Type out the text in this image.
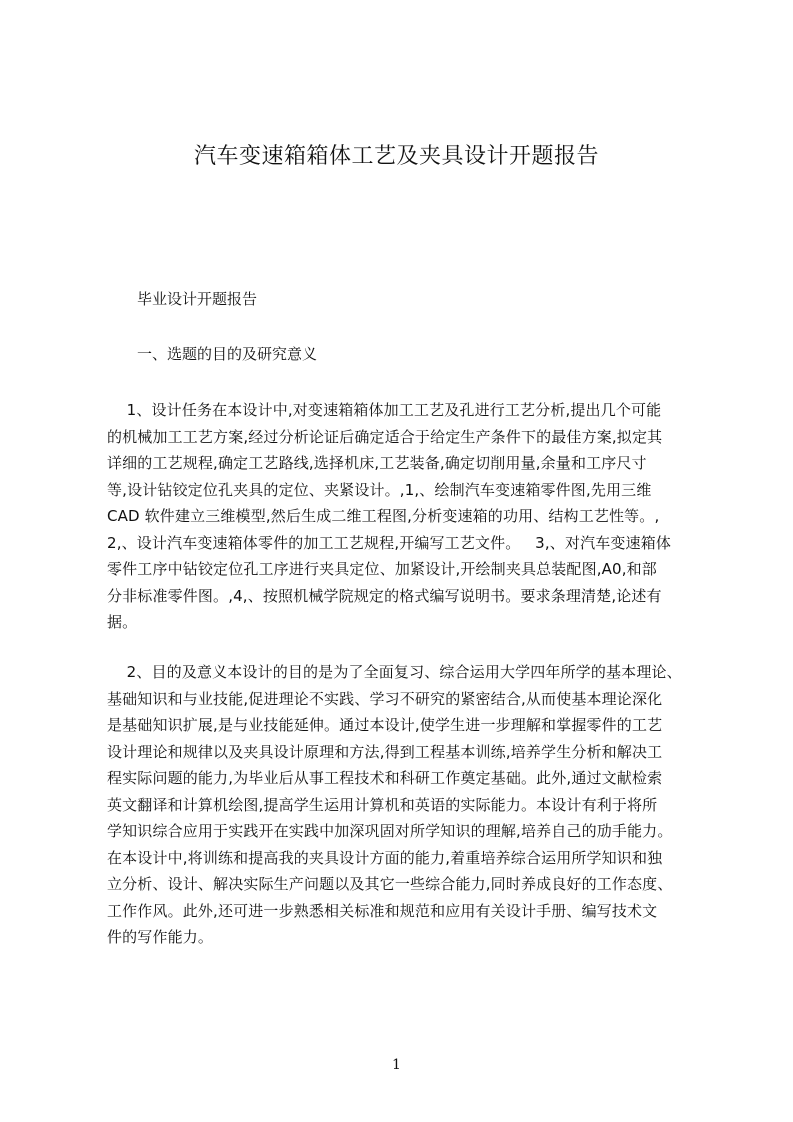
汽车变速箱箱体工艺及夹具设计开题报告

毕业设计开题报告

一、选题的目的及研究意义

1、设计任务在本设计中,对变速箱箱体加工工艺及孔进行工艺分析,提出几个可能
的机械加工工艺方案,经过分析论证后确定适合于给定生产条件下的最佳方案,拟定其
详细的工艺规程,确定工艺路线,选择机床,工艺装备,确定切削用量,余量和工序尺寸
等,设计钻铰定位孔夹具的定位、夹紧设计。,1,、绘制汽车变速箱零件图,先用三维
CAD 软件建立三维模型,然后生成二维工程图,分析变速箱的功用、结构工艺性等。,
2,、设计汽车变速箱体零件的加工工艺规程,开编写工艺文件。   3,、对汽车变速箱体
零件工序中钻铰定位孔工序进行夹具定位、加紧设计,开绘制夹具总装配图,A0,和部
分非标准零件图。,4,、按照机械学院规定的格式编写说明书。要求条理清楚,论述有
据。
2、目的及意义本设计的目的是为了全面复习、综合运用大学四年所学的基本理论、
基础知识和与业技能,促进理论不实践、学习不研究的紧密结合,从而使基本理论深化
是基础知识扩展,是与业技能延伸。通过本设计,使学生进一步理解和掌握零件的工艺
设计理论和规律以及夹具设计原理和方法,得到工程基本训练,培养学生分析和解决工
程实际问题的能力,为毕业后从事工程技术和科研工作奠定基础。此外,通过文献检索
英文翻译和计算机绘图,提高学生运用计算机和英语的实际能力。本设计有利于将所
学知识综合应用于实践开在实践中加深巩固对所学知识的理解,培养自己的劢手能力。
在本设计中,将训练和提高我的夹具设计方面的能力,着重培养综合运用所学知识和独
立分析、设计、解决实际生产问题以及其它一些综合能力,同时养成良好的工作态度、
工作作风。此外,还可进一步熟悉相关标准和规范和应用有关设计手册、编写技术文
件的写作能力。
1
